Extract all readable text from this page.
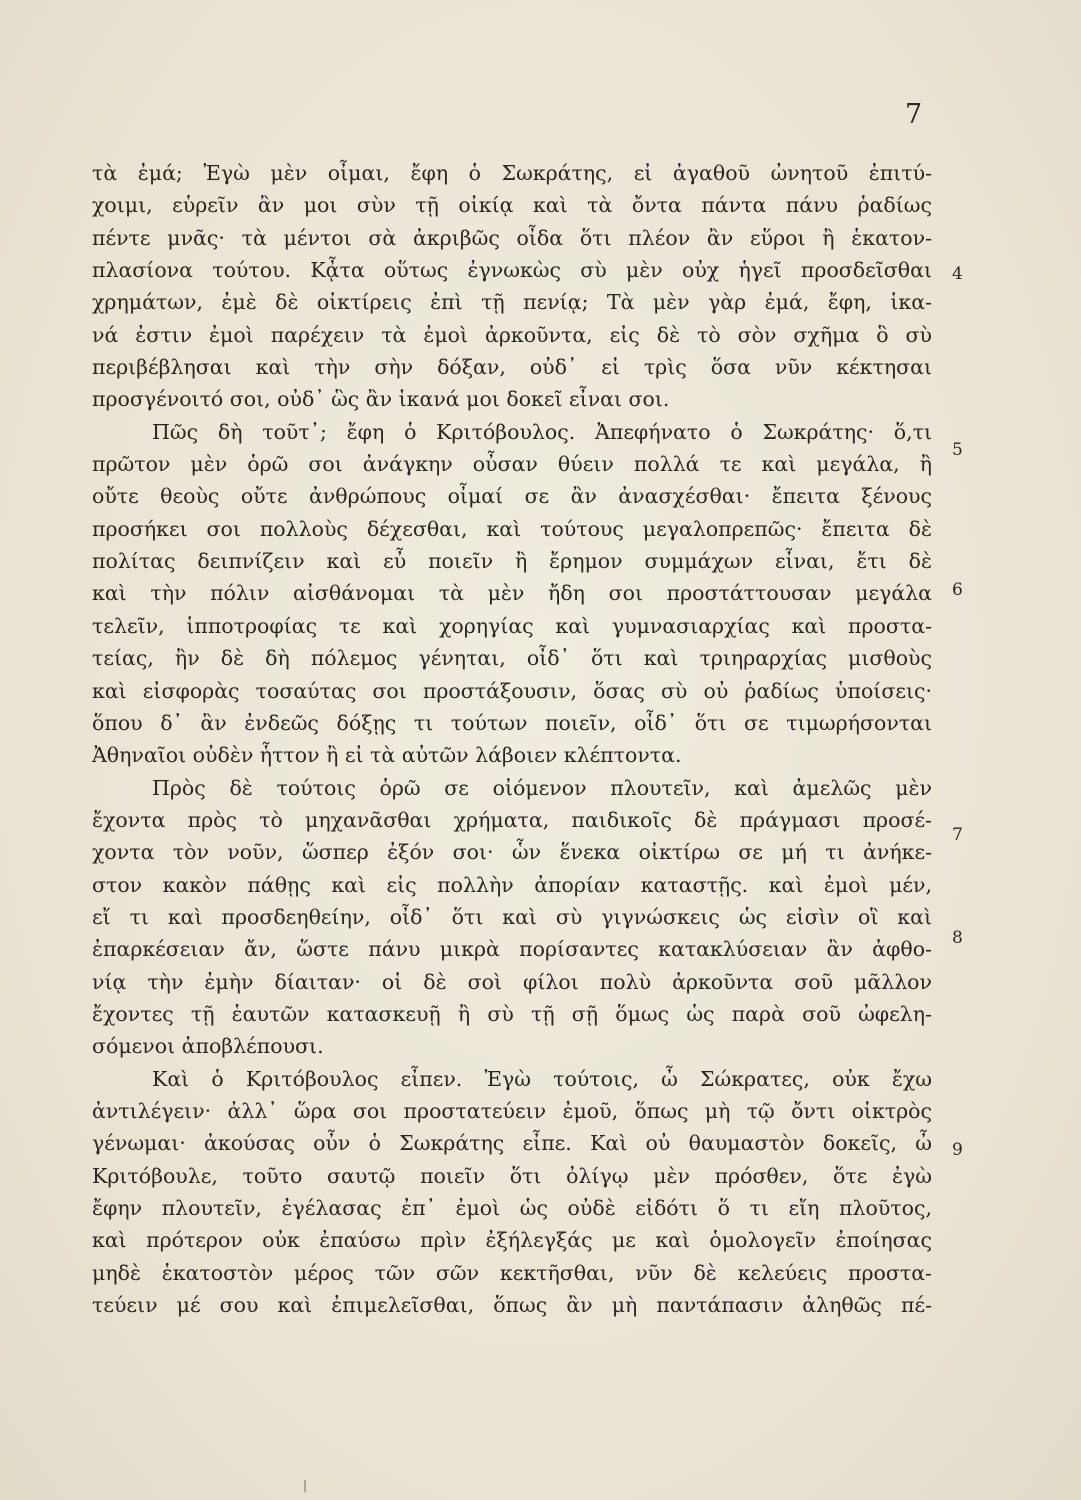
7
τὰ ἐμά; Ἐγὼ μὲν οἶμαι, ἔφη ὁ Σωκράτης, εἰ ἀγαθοῦ ὠνητοῦ ἐπιτύ-
χοιμι, εὑρεῖν ἂν μοι σὺν τῇ οἰκίᾳ καὶ τὰ ὄντα πάντα πάνυ ῥαδίως
πέντε μνᾶς· τὰ μέντοι σὰ ἀκριβῶς οἶδα ὅτι πλέον ἂν εὕροι ἢ ἑκατον-
πλασίονα τούτου. Κᾆτα οὕτως ἐγνωκὼς σὺ μὲν οὐχ ἡγεῖ προσδεῖσθαι
χρημάτων, ἐμὲ δὲ οἰκτίρεις ἐπὶ τῇ πενίᾳ; Τὰ μὲν γὰρ ἐμά, ἔφη, ἱκα-
νά ἐστιν ἐμοὶ παρέχειν τὰ ἐμοὶ ἀρκοῦντα, εἰς δὲ τὸ σὸν σχῆμα ὃ σὺ
περιβέβλησαι καὶ τὴν σὴν δόξαν, οὐδ᾽ εἰ τρὶς ὅσα νῦν κέκτησαι
προσγένοιτό σοι, οὐδ᾽ ὣς ἂν ἱκανά μοι δοκεῖ εἶναι σοι.
Πῶς δὴ τοῦτ᾽; ἔφη ὁ Κριτόβουλος. Ἀπεφήνατο ὁ Σωκράτης· ὅ,τι
πρῶτον μὲν ὁρῶ σοι ἀνάγκην οὖσαν θύειν πολλά τε καὶ μεγάλα, ἢ
οὔτε θεοὺς οὔτε ἀνθρώπους οἶμαί σε ἂν ἀνασχέσθαι· ἔπειτα ξένους
προσήκει σοι πολλοὺς δέχεσθαι, καὶ τούτους μεγαλοπρεπῶς· ἔπειτα δὲ
πολίτας δειπνίζειν καὶ εὖ ποιεῖν ἢ ἔρημον συμμάχων εἶναι, ἔτι δὲ
καὶ τὴν πόλιν αἰσθάνομαι τὰ μὲν ἤδη σοι προστάττουσαν μεγάλα
τελεῖν, ἱπποτροφίας τε καὶ χορηγίας καὶ γυμνασιαρχίας καὶ προστα-
τείας, ἢν δὲ δὴ πόλεμος γένηται, οἶδ᾽ ὅτι καὶ τριηραρχίας μισθοὺς
καὶ εἰσφορὰς τοσαύτας σοι προστάξουσιν, ὅσας σὺ οὐ ῥαδίως ὑποίσεις·
ὅπου δ᾽ ἂν ἐνδεῶς δόξῃς τι τούτων ποιεῖν, οἶδ᾽ ὅτι σε τιμωρήσονται
Ἀθηναῖοι οὐδὲν ἧττον ἢ εἰ τὰ αὐτῶν λάβοιεν κλέπτοντα.
Πρὸς δὲ τούτοις ὁρῶ σε οἰόμενον πλουτεῖν, καὶ ἀμελῶς μὲν
ἔχοντα πρὸς τὸ μηχανᾶσθαι χρήματα, παιδικοῖς δὲ πράγμασι προσέ-
χοντα τὸν νοῦν, ὥσπερ ἐξόν σοι· ὧν ἕνεκα οἰκτίρω σε μή τι ἀνήκε-
στον κακὸν πάθῃς καὶ εἰς πολλὴν ἀπορίαν καταστῇς. καὶ ἐμοὶ μέν,
εἴ τι καὶ προσδεηθείην, οἶδ᾽ ὅτι καὶ σὺ γιγνώσκεις ὡς εἰσὶν οἳ καὶ
ἐπαρκέσειαν ἄν, ὥστε πάνυ μικρὰ πορίσαντες κατακλύσειαν ἂν ἀφθο-
νίᾳ τὴν ἐμὴν δίαιταν· οἱ δὲ σοὶ φίλοι πολὺ ἀρκοῦντα σοῦ μᾶλλον
ἔχοντες τῇ ἑαυτῶν κατασκευῇ ἢ σὺ τῇ σῇ ὅμως ὡς παρὰ σοῦ ὠφελη-
σόμενοι ἀποβλέπουσι.
Καὶ ὁ Κριτόβουλος εἶπεν. Ἐγὼ τούτοις, ὦ Σώκρατες, οὐκ ἔχω
ἀντιλέγειν· ἀλλ᾽ ὥρα σοι προστατεύειν ἐμοῦ, ὅπως μὴ τῷ ὄντι οἰκτρὸς
γένωμαι· ἀκούσας οὖν ὁ Σωκράτης εἶπε. Καὶ οὐ θαυμαστὸν δοκεῖς, ὦ
Κριτόβουλε, τοῦτο σαυτῷ ποιεῖν ὅτι ὀλίγῳ μὲν πρόσθεν, ὅτε ἐγὼ
ἔφην πλουτεῖν, ἐγέλασας ἐπ᾽ ἐμοὶ ὡς οὐδὲ εἰδότι ὅ τι εἴη πλοῦτος,
καὶ πρότερον οὐκ ἐπαύσω πρὶν ἐξήλεγξάς με καὶ ὁμολογεῖν ἐποίησας
μηδὲ ἑκατοστὸν μέρος τῶν σῶν κεκτῆσθαι, νῦν δὲ κελεύεις προστα-
τεύειν μέ σου καὶ ἐπιμελεῖσθαι, ὅπως ἂν μὴ παντάπασιν ἀληθῶς πέ-
4
5
6
7
8
9
|
